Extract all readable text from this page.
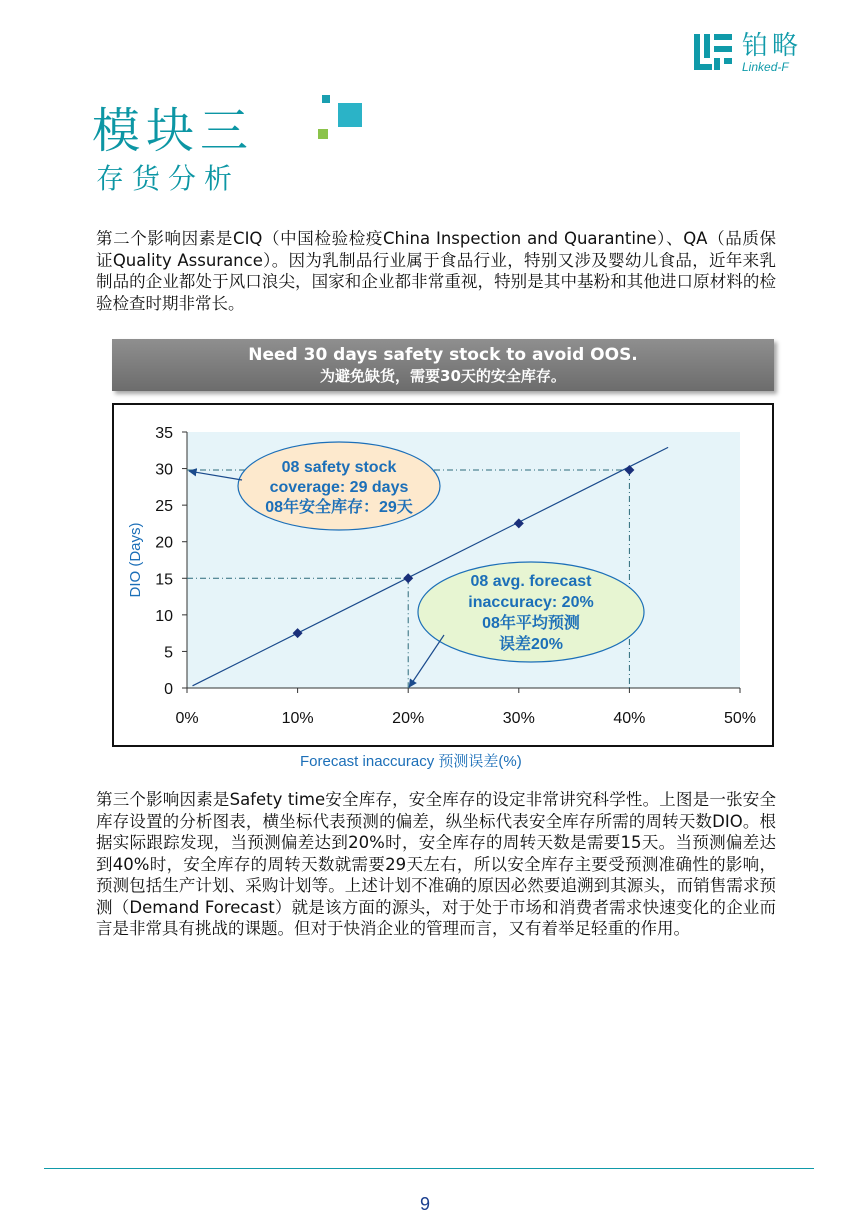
铂略
Linked-F
模块三
存货分析
第二个影响因素是CIQ（中国检验检疫China Inspection and Quarantine）、QA（品质保证Quality Assurance）。因为乳制品行业属于食品行业，特别又涉及婴幼儿食品，近年来乳制品的企业都处于风口浪尖，国家和企业都非常重视，特别是其中基粉和其他进口原材料的检验检查时期非常长。
Need 30 days safety stock to avoid OOS.
为避免缺货，需要30天的安全库存。
0
5
10
15
20
25
30
35
0%	10%	20%	30%	40%	50%
DIO (Days)
08 safety stock
coverage: 29 days
08年安全库存：29天
08 avg. forecast
inaccuracy: 20%
08年平均预测
误差20%
Forecast inaccuracy 预测误差(%)
第三个影响因素是Safety time安全库存，安全库存的设定非常讲究科学性。上图是一张安全库存设置的分析图表，横坐标代表预测的偏差，纵坐标代表安全库存所需的周转天数DIO。根据实际跟踪发现，当预测偏差达到20%时，安全库存的周转天数是需要15天。当预测偏差达到40%时，安全库存的周转天数就需要29天左右，所以安全库存主要受预测准确性的影响，预测包括生产计划、采购计划等。上述计划不准确的原因必然要追溯到其源头，而销售需求预测（Demand Forecast）就是该方面的源头，对于处于市场和消费者需求快速变化的企业而言是非常具有挑战的课题。但对于快消企业的管理而言，又有着举足轻重的作用。
9
